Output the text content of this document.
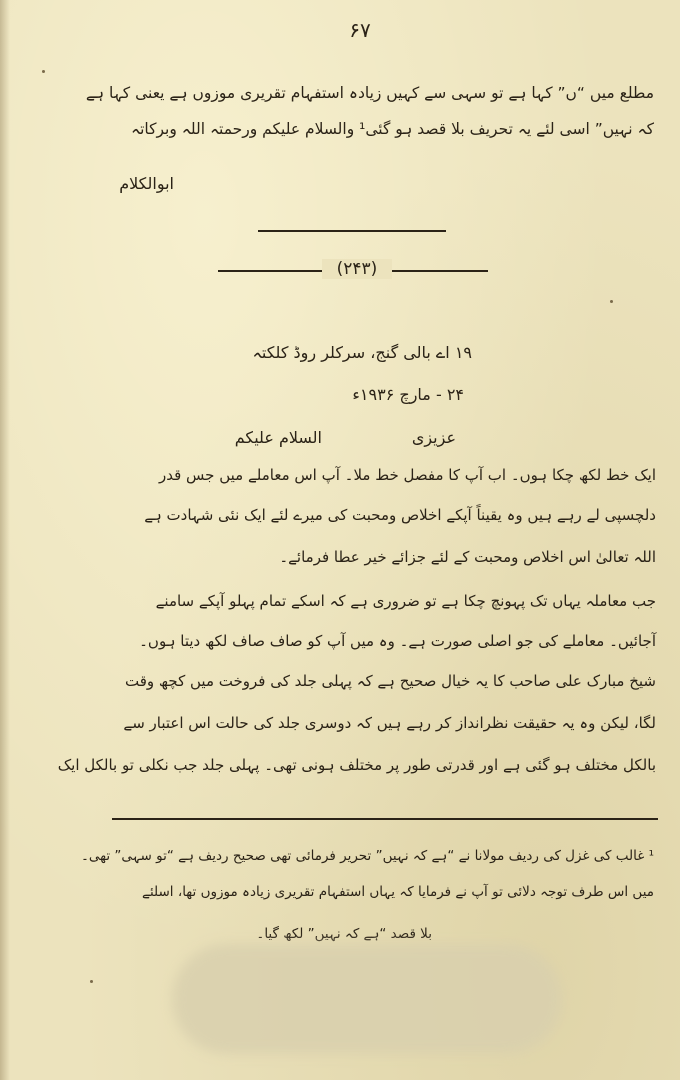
۶۷
مطلع میں “ں” کہا ہے تو سہی سے کہیں زیادہ استفہام تقریری موزوں ہے یعنی کہا ہے
کہ نہیں” اسی لئے یہ تحریف بلا قصد ہو گئی¹ والسلام علیکم ورحمتہ اللہ وبرکاتہ
ابوالکلام
(۲۴۳)
۱۹ اے بالی گنج، سرکلر روڈ کلکتہ
۲۴ - مارچ ۱۹۳۶ء
عزیزی
السلام علیکم
ایک خط لکھ چکا ہوں۔ اب آپ کا مفصل خط ملا۔ آپ اس معاملے میں جس قدر
دلچسپی لے رہے ہیں وہ یقیناً آپکے اخلاص ومحبت کی میرے لئے ایک نئی شہادت ہے
اللہ تعالیٰ اس اخلاص ومحبت کے لئے جزائے خیر عطا فرمائے۔
جب معاملہ یہاں تک پہونچ چکا ہے تو ضروری ہے کہ اسکے تمام پہلو آپکے سامنے
آجائیں۔ معاملے کی جو اصلی صورت ہے۔ وہ میں آپ کو صاف صاف لکھ دیتا ہوں۔
شیخ مبارک علی صاحب کا یہ خیال صحیح ہے کہ پہلی جلد کی فروخت میں کچھ وقت
لگا، لیکن وہ یہ حقیقت نظرانداز کر رہے ہیں کہ دوسری جلد کی حالت اس اعتبار سے
بالکل مختلف ہو گئی ہے اور قدرتی طور پر مختلف ہونی تھی۔ پہلی جلد جب نکلی تو بالکل ایک
¹ غالب کی غزل کی ردیف مولانا نے “ہے کہ نہیں” تحریر فرمائی تھی صحیح ردیف ہے “تو سہی” تھی۔
میں اس طرف توجہ دلائی تو آپ نے فرمایا کہ یہاں استفہام تقریری زیادہ موزوں تھا، اسلئے
بلا قصد “ہے کہ نہیں” لکھ گیا۔
